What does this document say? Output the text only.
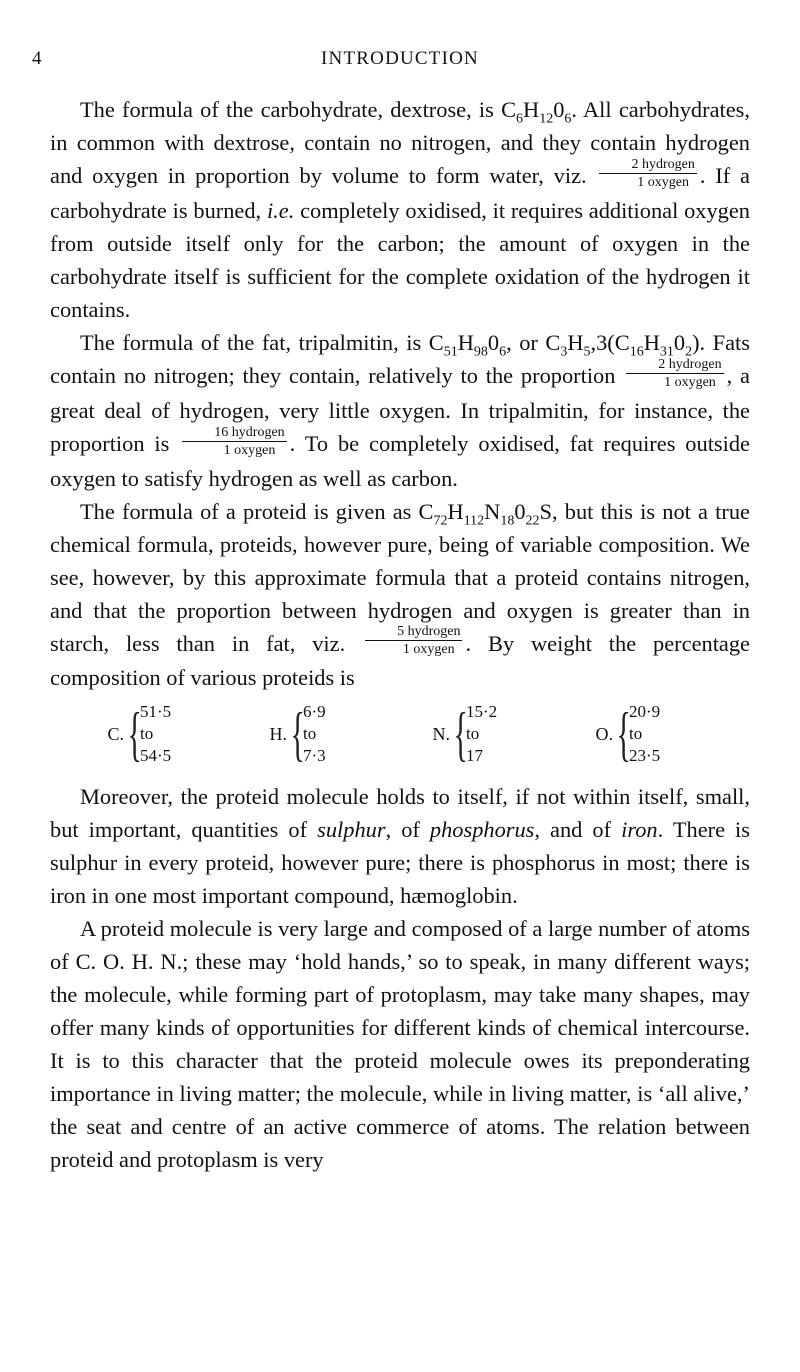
4	INTRODUCTION

The formula of the carbohydrate, dextrose, is $C_6H_{12}0_6$. All carbohydrates, in common with dextrose, contain no nitrogen, and they contain hydrogen and oxygen in proportion by volume to form water, viz. $\frac{\text{2 hydrogen}}{\text{1 oxygen}}$ . If a carbohydrate is burned, i.e. completely oxidised, it requires additional oxygen from outside itself only for the carbon; the amount of oxygen in the carbohydrate itself is sufficient for the complete oxidation of the hydrogen it contains.

The formula of the fat, tripalmitin, is $C_{51}H_{98}0_6$, or $C_3H_5,3(C_{16}H_{31}0_2)$. Fats contain no nitrogen; they contain, relatively to the proportion $\frac{\text{2 hydrogen}}{\text{1 oxygen}}$ , a great deal of hydrogen, very little oxygen. In tripalmitin, for instance, the proportion is $\frac{\text{16 hydrogen}}{\text{1 oxygen}}$ . To be completely oxidised, fat requires outside oxygen to satisfy hydrogen as well as carbon.

The formula of a proteid is given as $C_{72}H_{112}N_{18}0_{22}S$, but this is not a true chemical formula, proteids, however pure, being of variable composition. We see, however, by this approximate formula that a proteid contains nitrogen, and that the proportion between hydrogen and oxygen is greater than in starch, less than in fat, viz. $\frac{\text{5 hydrogen}}{\text{1 oxygen}}$ . By weight the percentage composition of various proteids is

C. {
51·5
to
54·5
H. {
6·9
to
7·3
N. {
15·2
to
17
O. {
20·9
to
23·5

Moreover, the proteid molecule holds to itself, if not within itself, small, but important, quantities of sulphur, of phosphorus, and of iron. There is sulphur in every proteid, however pure; there is phosphorus in most; there is iron in one most important compound, hæmoglobin.

A proteid molecule is very large and composed of a large number of atoms of C. O. H. N.; these may ‘hold hands,’ so to speak, in many different ways; the molecule, while forming part of protoplasm, may take many shapes, may offer many kinds of opportunities for different kinds of chemical intercourse. It is to this character that the proteid molecule owes its preponderating importance in living matter; the molecule, while in living matter, is ‘all alive,’ the seat and centre of an active commerce of atoms. The relation between proteid and protoplasm is very
